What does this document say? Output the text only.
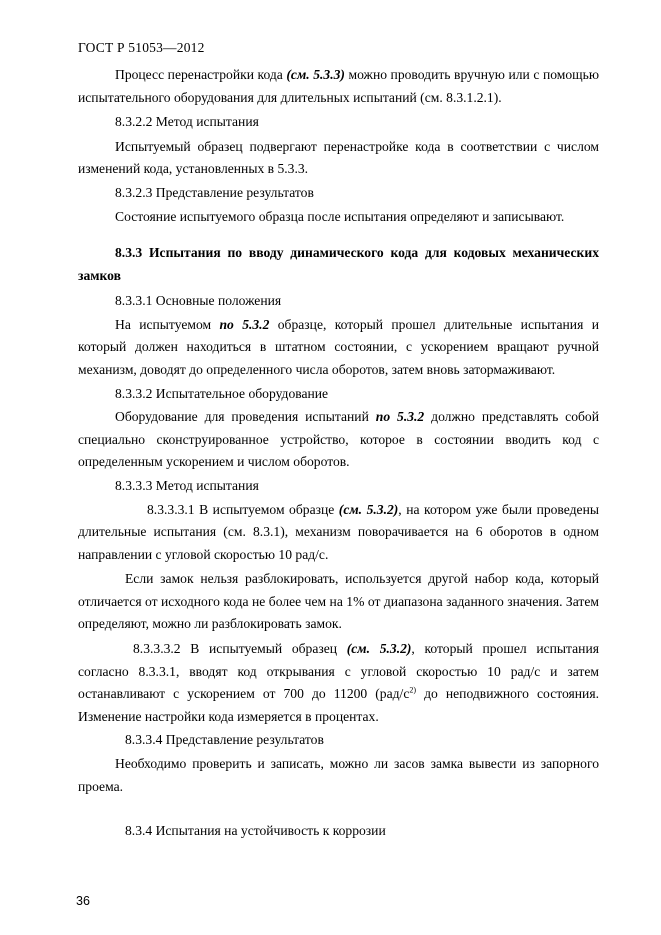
ГОСТ Р 51053—2012

Процесс перенастройки кода (см. 5.3.3) можно проводить вручную или с помощью испытательного оборудования для длительных испытаний (см. 8.3.1.2.1).

8.3.2.2 Метод испытания

Испытуемый образец подвергают перенастройке кода в соответствии с числом изменений кода, установленных в 5.3.3.

8.3.2.3 Представление результатов

Состояние испытуемого образца после испытания определяют и записывают.

8.3.3 Испытания по вводу динамического кода для кодовых механических замков

8.3.3.1 Основные положения

На испытуемом по 5.3.2 образце, который прошел длительные испытания и который должен находиться в штатном состоянии, с ускорением вращают ручной механизм, доводят до определенного числа оборотов, затем вновь затормаживают.

8.3.3.2 Испытательное оборудование

Оборудование для проведения испытаний по 5.3.2 должно представлять собой специально сконструированное устройство, которое в состоянии вводить код с определенным ускорением и числом оборотов.

8.3.3.3 Метод испытания

8.3.3.3.1 В испытуемом образце (см. 5.3.2), на котором уже были проведены длительные испытания (см. 8.3.1), механизм поворачивается на 6 оборотов в одном направлении с угловой скоростью 10 рад/с.

Если замок нельзя разблокировать, используется другой набор кода, который отличается от исходного кода не более чем на 1% от диапазона заданного значения. Затем определяют, можно ли разблокировать замок.

8.3.3.3.2 В испытуемый образец (см. 5.3.2), который прошел испытания согласно 8.3.3.1, вводят код открывания с угловой скоростью 10 рад/с и затем останавливают с ускорением от 700 до 11200 ($рад/с^{2)}$ до неподвижного состояния. Изменение настройки кода измеряется в процентах.

8.3.3.4 Представление результатов

Необходимо проверить и записать, можно ли засов замка вывести из запорного проема.

8.3.4 Испытания на устойчивость к коррозии

36
